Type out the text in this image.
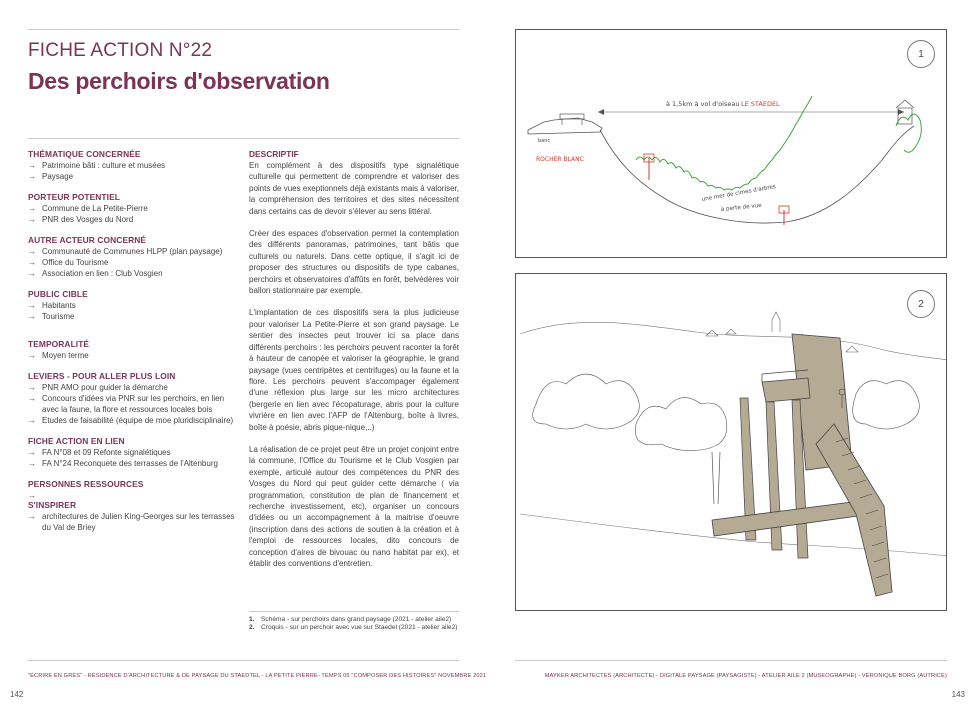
FICHE ACTION N°22
Des perchoirs d'observation
THÉMATIQUE CONCERNÉE
→ Patrimoine bâti : culture et musées
→ Paysage
PORTEUR POTENTIEL
→ Commune de La Petite-Pierre
→ PNR des Vosges du Nord
AUTRE ACTEUR CONCERNÉ
→ Communauté de Communes HLPP (plan paysage)
→ Office du Tourisme
→ Association en lien : Club Vosgien
PUBLIC CIBLE
→ Habitants
→ Tourisme
TEMPORALITÉ
→ Moyen terme
LEVIERS - POUR ALLER PLUS LOIN
→ PNR AMO pour guider la démarche
→ Concours d'idées via PNR sur les perchoirs, en lien
avec la faune, la flore et ressources locales bois
→ Etudes de faisabilité (équipe de moe pluridisciplinaire)
FICHE ACTION EN LIEN
→ FA N°08 et 09 Refonte signalétiques
→ FA N°24 Reconquete des terrasses de l'Altenburg
PERSONNES RESSOURCES
→
S'INSPIRER
→ architectures de Julien King-Georges sur les terrasses
du Val de Briey
DESCRIPTIF

En complément à des dispositifs type signalétique culturelle qui permettent de comprendre et valoriser des points de vues exeptionnels déjà existants mais à valoriser, la compréhension des territoires et des sites nécessitent dans certains cas de devoir s'élever au sens littéral.

Créer des espaces d'observation permet la contemplation des différents panoramas, patrimoines, tant bâtis que culturels ou naturels. Dans cette optique, il s'agit ici de proposer des structures ou dispositifs de type cabanes, perchoirs et observatoires d'affûts en forêt, belvédères voir ballon stationnaire par exemple.

L'implantation de ces dispositifs sera la plus judicieuse pour valoriser La Petite-Pierre et son grand paysage. Le sentier des insectes peut trouver ici sa place dans différents perchoirs : les perchoirs peuvent raconter la forêt à hauteur de canopée et valoriser la géographie, le grand paysage (vues centripètes et centrifuges) ou la faune et la flore. Les perchoirs peuvent s'accompager également d'une réflexion plus large sur les micro architectures (bergerie en lien avec l'écopaturage, abris pour la culture vivrière en lien avec l'AFP de l'Altenburg, boîte à livres, boîte à poésie, abris pique-nique,..)

La réalisation de ce projet peut être un projet conjoint entre la commune, l'Office du Tourisme et le Club Vosgien par exemple, articulé autour des compétences du PNR des Vosges du Nord qui peut guider cette démarche ( via programmation, constitution de plan de financement et recherche investissement, etc), organiser un concours d'idées ou un accompagnement à la maitrise d'oeuvre (inscription dans des actions de soutien à la création et à l'emploi de ressources locales, dito concours de conception d'aires de bivouac ou nano habitat par ex), et établir des conventions d'entretien.

1. Schéma - sur perchoirs dans grand paysage (2021 - atelier aile2)
2. Croquis - sur un perchoir avec vue sur Staedel (2021 - atelier aile2)
1
à 1,5km à vol d'oiseau LE STAEDEL
banc
ROCHER BLANC
une mer de cimes d'arbres
à perte de vue
2
"ÉCRIRE EN GRÈS" - RÉSIDENCE D'ARCHITECTURE & DE PAYSAGE DU STAEDTEL - LA PETITE PIERRE- TEMPS 05 "COMPOSER DES HISTOIRES" NOVEMBRE 2021	MAYKER ARCHITECTES (ARCHITECTE) - DIGITALE PAYSAGE (PAYSAGISTE) - ATELIER AILE 2 (MUSEOGRAPHE) - VÉRONIQUE BORG (AUTRICE)
142	143
